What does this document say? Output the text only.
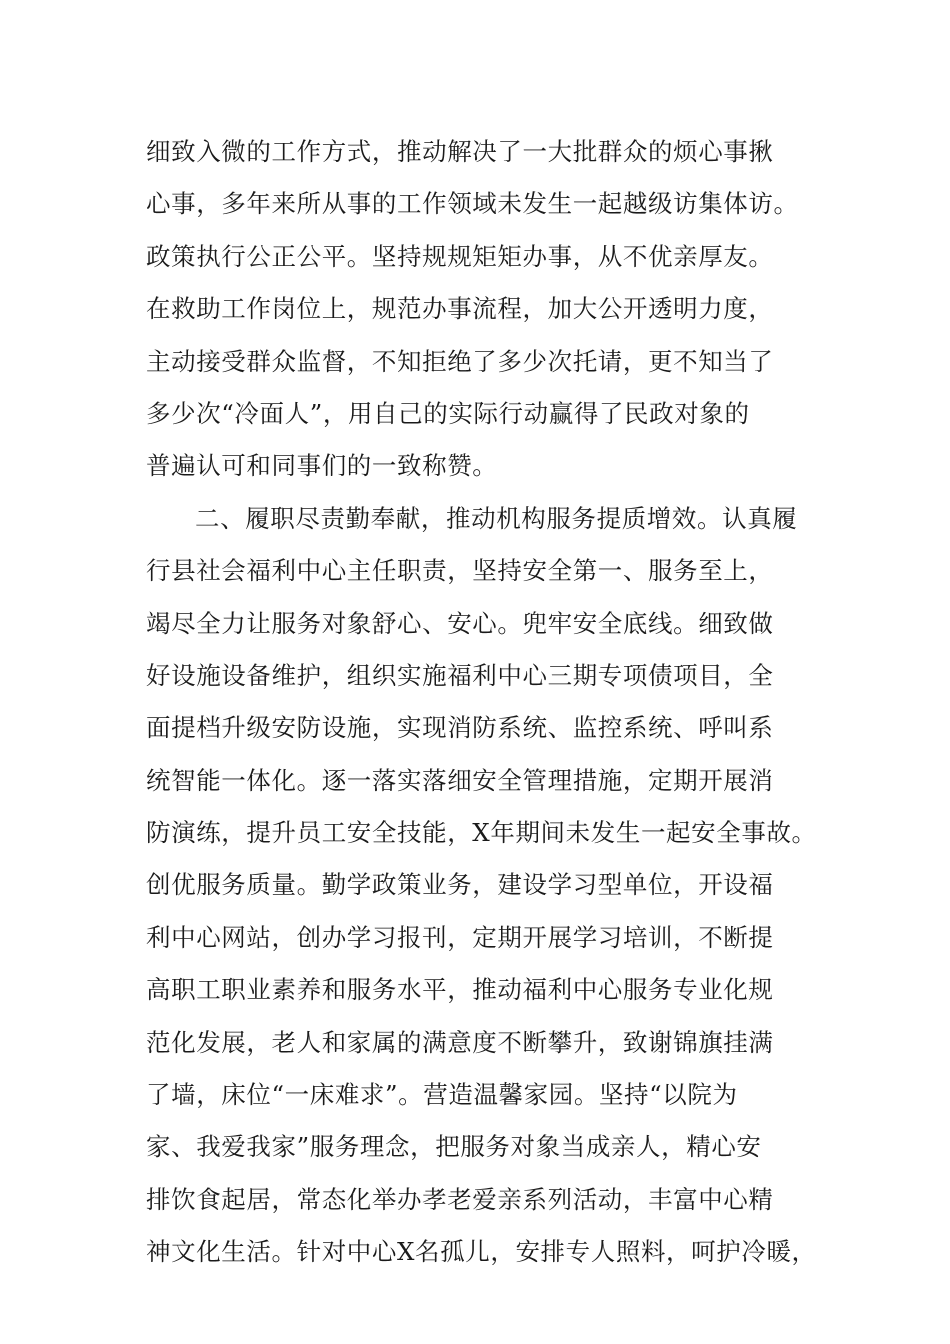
细致入微的工作方式，推动解决了一大批群众的烦心事揪
心事，多年来所从事的工作领域未发生一起越级访集体访。
政策执行公正公平。坚持规规矩矩办事，从不优亲厚友。
在救助工作岗位上，规范办事流程，加大公开透明力度，
主动接受群众监督，不知拒绝了多少次托请，更不知当了
多少次“冷面人”，用自己的实际行动赢得了民政对象的
普遍认可和同事们的一致称赞。
二、履职尽责勤奉献，推动机构服务提质增效。认真履
行县社会福利中心主任职责，坚持安全第一、服务至上，
竭尽全力让服务对象舒心、安心。兜牢安全底线。细致做
好设施设备维护，组织实施福利中心三期专项债项目，全
面提档升级安防设施，实现消防系统、监控系统、呼叫系
统智能一体化。逐一落实落细安全管理措施，定期开展消
防演练，提升员工安全技能，X年期间未发生一起安全事故。
创优服务质量。勤学政策业务，建设学习型单位，开设福
利中心网站，创办学习报刊，定期开展学习培训，不断提
高职工职业素养和服务水平，推动福利中心服务专业化规
范化发展，老人和家属的满意度不断攀升，致谢锦旗挂满
了墙，床位“一床难求”。营造温馨家园。坚持“以院为
家、我爱我家”服务理念，把服务对象当成亲人，精心安
排饮食起居，常态化举办孝老爱亲系列活动，丰富中心精
神文化生活。针对中心X名孤儿，安排专人照料，呵护冷暖，
